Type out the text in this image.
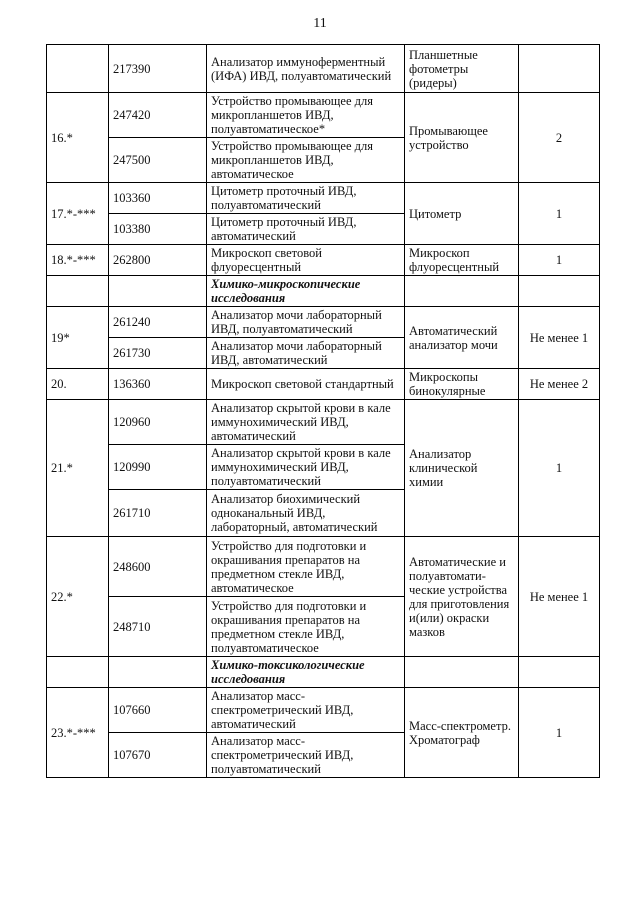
11
	217390	Анализатор иммуноферментный (ИФА) ИВД, полуавтоматический	Планшетные фотометры (ридеры)	
16.*	247420	Устройство промывающее для микропланшетов ИВД, полуавтоматическое*	Промывающее устройство	2
	247500	Устройство промывающее для микропланшетов ИВД, автоматическое		
17.*-***	103360	Цитометр проточный ИВД, полуавтоматический	Цитометр	1
	103380	Цитометр проточный ИВД, автоматический		
18.*-***	262800	Микроскоп световой флуоресцентный	Микроскоп флуоресцентный	1
		Химико-микроскопические исследования		
19*	261240	Анализатор мочи лабораторный ИВД, полуавтоматический	Автоматический анализатор мочи	Не менее 1
	261730	Анализатор мочи лабораторный ИВД, автоматический		
20.	136360	Микроскоп световой стандартный	Микроскопы бинокулярные	Не менее 2
21.*	120960	Анализатор скрытой крови в кале иммунохимический ИВД, автоматический	Анализатор клинической химии	1
	120990	Анализатор скрытой крови в кале иммунохимический ИВД, полуавтоматический		
	261710	Анализатор биохимический одноканальный ИВД, лабораторный, автоматический		
22.*	248600	Устройство для подготовки и окрашивания препаратов на предметном стекле ИВД, автоматическое	Автоматические и полуавтомати-ческие устройства для приготовления и(или) окраски мазков	Не менее 1
	248710	Устройство для подготовки и окрашивания препаратов на предметном стекле ИВД, полуавтоматическое		
		Химико-токсикологические исследования		
23.*-***	107660	Анализатор масс-спектрометрический ИВД, автоматический	Масс-спектрометр. Хроматограф	1
	107670	Анализатор масс-спектрометрический ИВД, полуавтоматический		
